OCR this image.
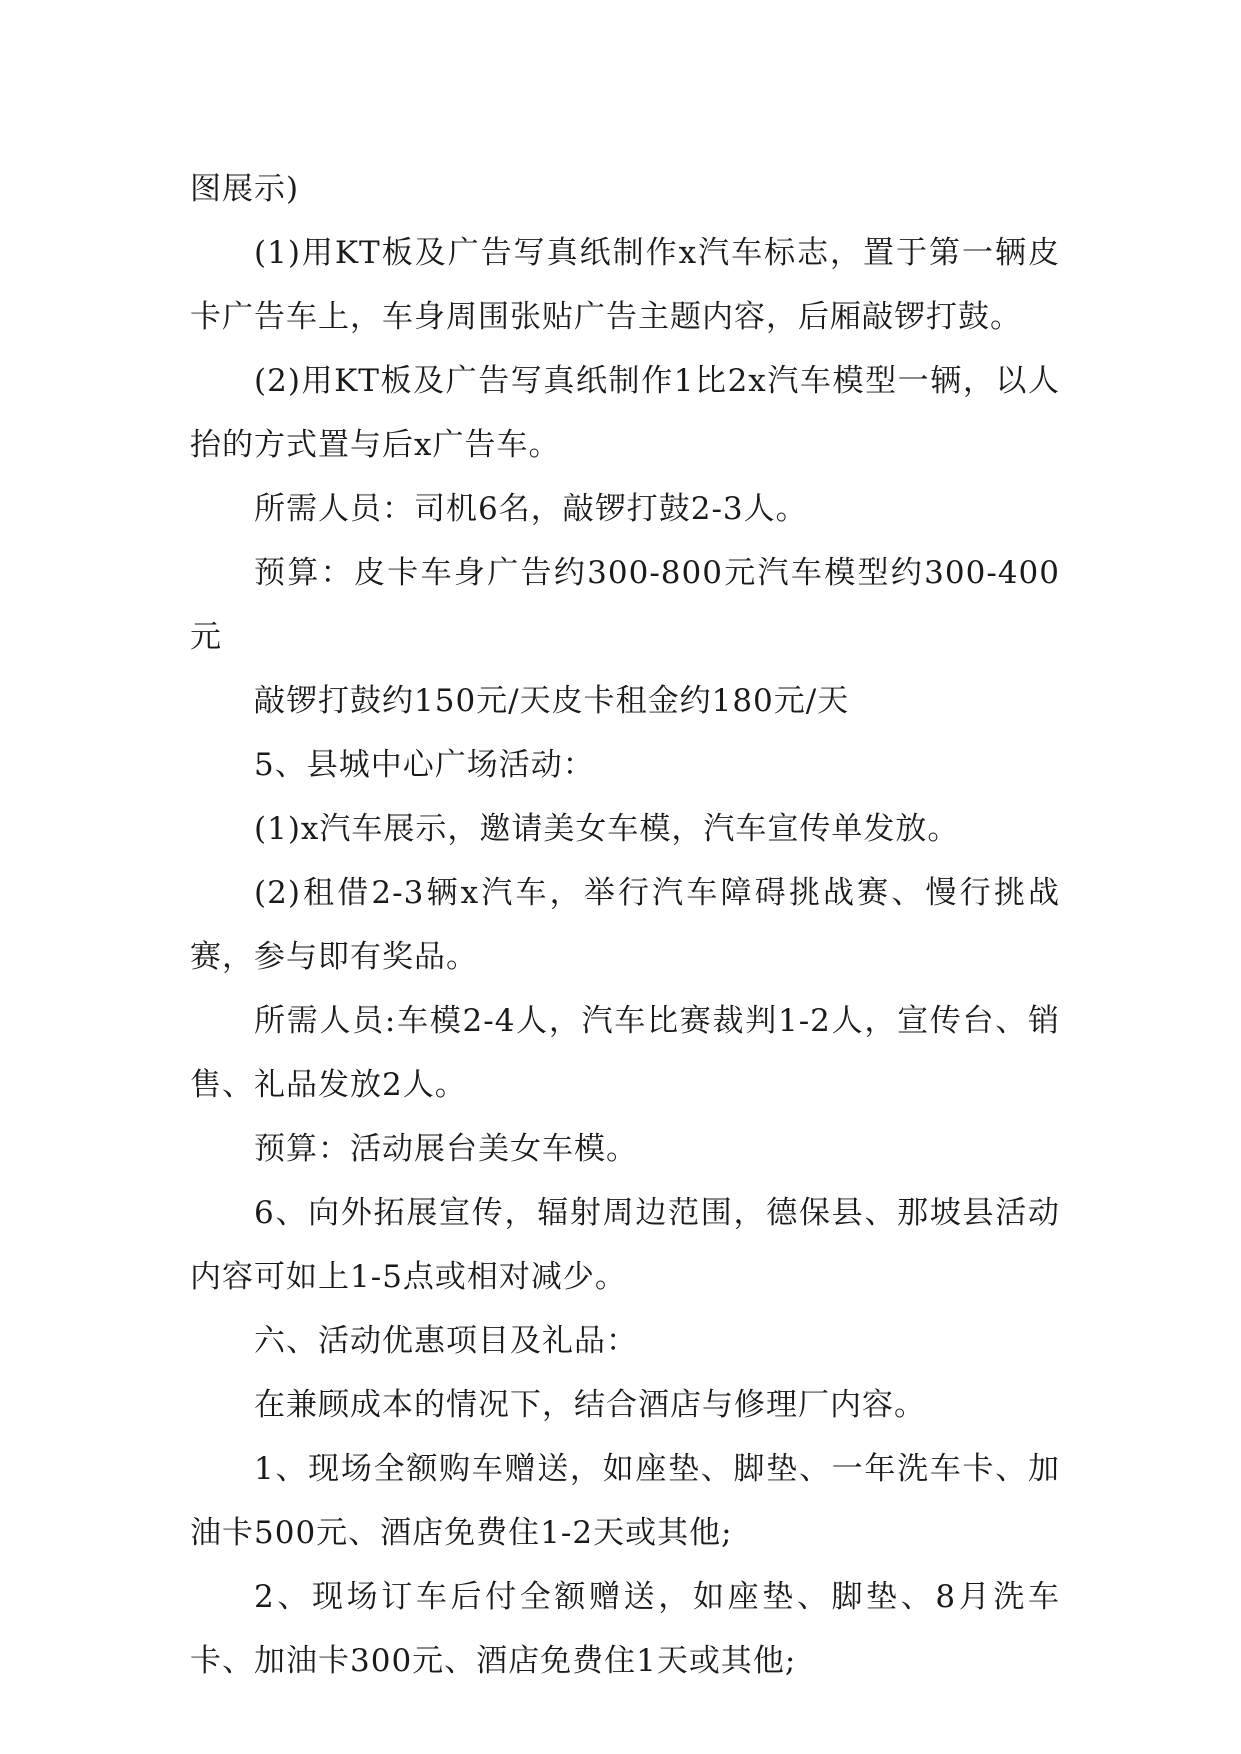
图展示)

(1)用KT板及广告写真纸制作x汽车标志，置于第一辆皮卡广告车上，车身周围张贴广告主题内容，后厢敲锣打鼓。

(2)用KT板及广告写真纸制作1比2x汽车模型一辆，以人抬的方式置与后x广告车。

所需人员：司机6名，敲锣打鼓2-3人。

预算：皮卡车身广告约300-800元汽车模型约300-400元

敲锣打鼓约150元/天皮卡租金约180元/天

5、县城中心广场活动：

(1)x汽车展示，邀请美女车模，汽车宣传单发放。

(2)租借2-3辆x汽车，举行汽车障碍挑战赛、慢行挑战赛，参与即有奖品。

所需人员:车模2-4人，汽车比赛裁判1-2人，宣传台、销售、礼品发放2人。

预算：活动展台美女车模。

6、向外拓展宣传，辐射周边范围，德保县、那坡县活动内容可如上1-5点或相对减少。

六、活动优惠项目及礼品：

在兼顾成本的情况下，结合酒店与修理厂内容。

1、现场全额购车赠送，如座垫、脚垫、一年洗车卡、加油卡500元、酒店免费住1-2天或其他;

2、现场订车后付全额赠送，如座垫、脚垫、8月洗车卡、加油卡300元、酒店免费住1天或其他;
